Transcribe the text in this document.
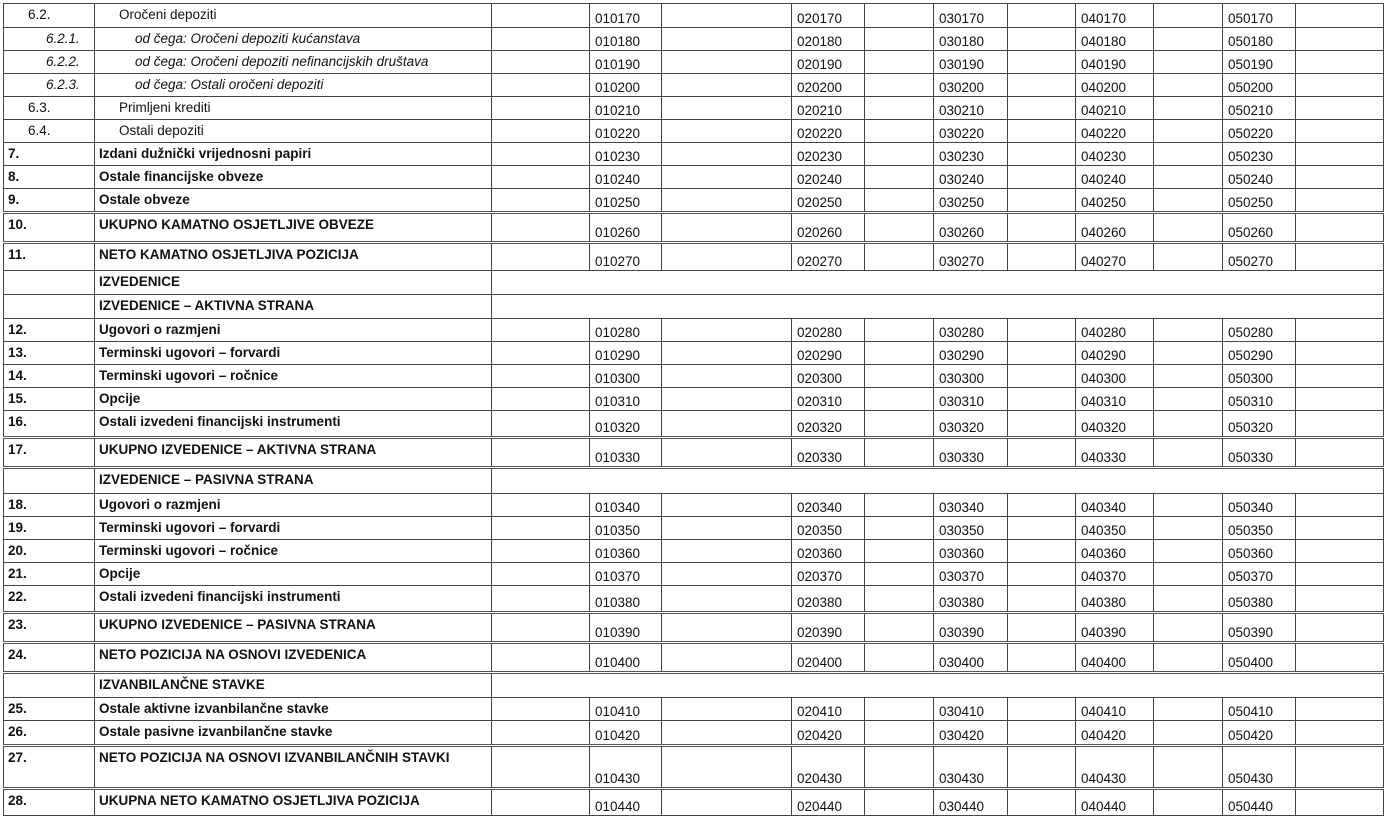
6.2.	Oročeni depoziti		010170		020170		030170		040170		050170	
6.2.1.	od čega: Oročeni depoziti kućanstava		010180		020180		030180		040180		050180	
6.2.2.	od čega: Oročeni depoziti nefinancijskih društava		010190		020190		030190		040190		050190	
6.2.3.	od čega: Ostali oročeni depoziti		010200		020200		030200		040200		050200	
6.3.	Primljeni krediti		010210		020210		030210		040210		050210	
6.4.	Ostali depoziti		010220		020220		030220		040220		050220	
7.	Izdani dužnički vrijednosni papiri		010230		020230		030230		040230		050230	
8.	Ostale financijske obveze		010240		020240		030240		040240		050240	
9.	Ostale obveze		010250		020250		030250		040250		050250	
10.	UKUPNO KAMATNO OSJETLJIVE OBVEZE		010260		020260		030260		040260		050260	
11.	NETO KAMATNO OSJETLJIVA POZICIJA		010270		020270		030270		040270		050270	
	IZVEDENICE											
	IZVEDENICE – AKTIVNA STRANA											
12.	Ugovori o razmjeni		010280		020280		030280		040280		050280	
13.	Terminski ugovori – forvardi		010290		020290		030290		040290		050290	
14.	Terminski ugovori – ročnice		010300		020300		030300		040300		050300	
15.	Opcije		010310		020310		030310		040310		050310	
16.	Ostali izvedeni financijski instrumenti		010320		020320		030320		040320		050320	
17.	UKUPNO IZVEDENICE – AKTIVNA STRANA		010330		020330		030330		040330		050330	
	IZVEDENICE – PASIVNA STRANA											
18.	Ugovori o razmjeni		010340		020340		030340		040340		050340	
19.	Terminski ugovori – forvardi		010350		020350		030350		040350		050350	
20.	Terminski ugovori – ročnice		010360		020360		030360		040360		050360	
21.	Opcije		010370		020370		030370		040370		050370	
22.	Ostali izvedeni financijski instrumenti		010380		020380		030380		040380		050380	
23.	UKUPNO IZVEDENICE – PASIVNA STRANA		010390		020390		030390		040390		050390	
24.	NETO POZICIJA NA OSNOVI IZVEDENICA		010400		020400		030400		040400		050400	
	IZVANBILANČNE STAVKE											
25.	Ostale aktivne izvanbilančne stavke		010410		020410		030410		040410		050410	
26.	Ostale pasivne izvanbilančne stavke		010420		020420		030420		040420		050420	
27.	NETO POZICIJA NA OSNOVI IZVANBILANČNIH STAVKI		010430		020430		030430		040430		050430	
28.	UKUPNA NETO KAMATNO OSJETLJIVA POZICIJA		010440		020440		030440		040440		050440	
